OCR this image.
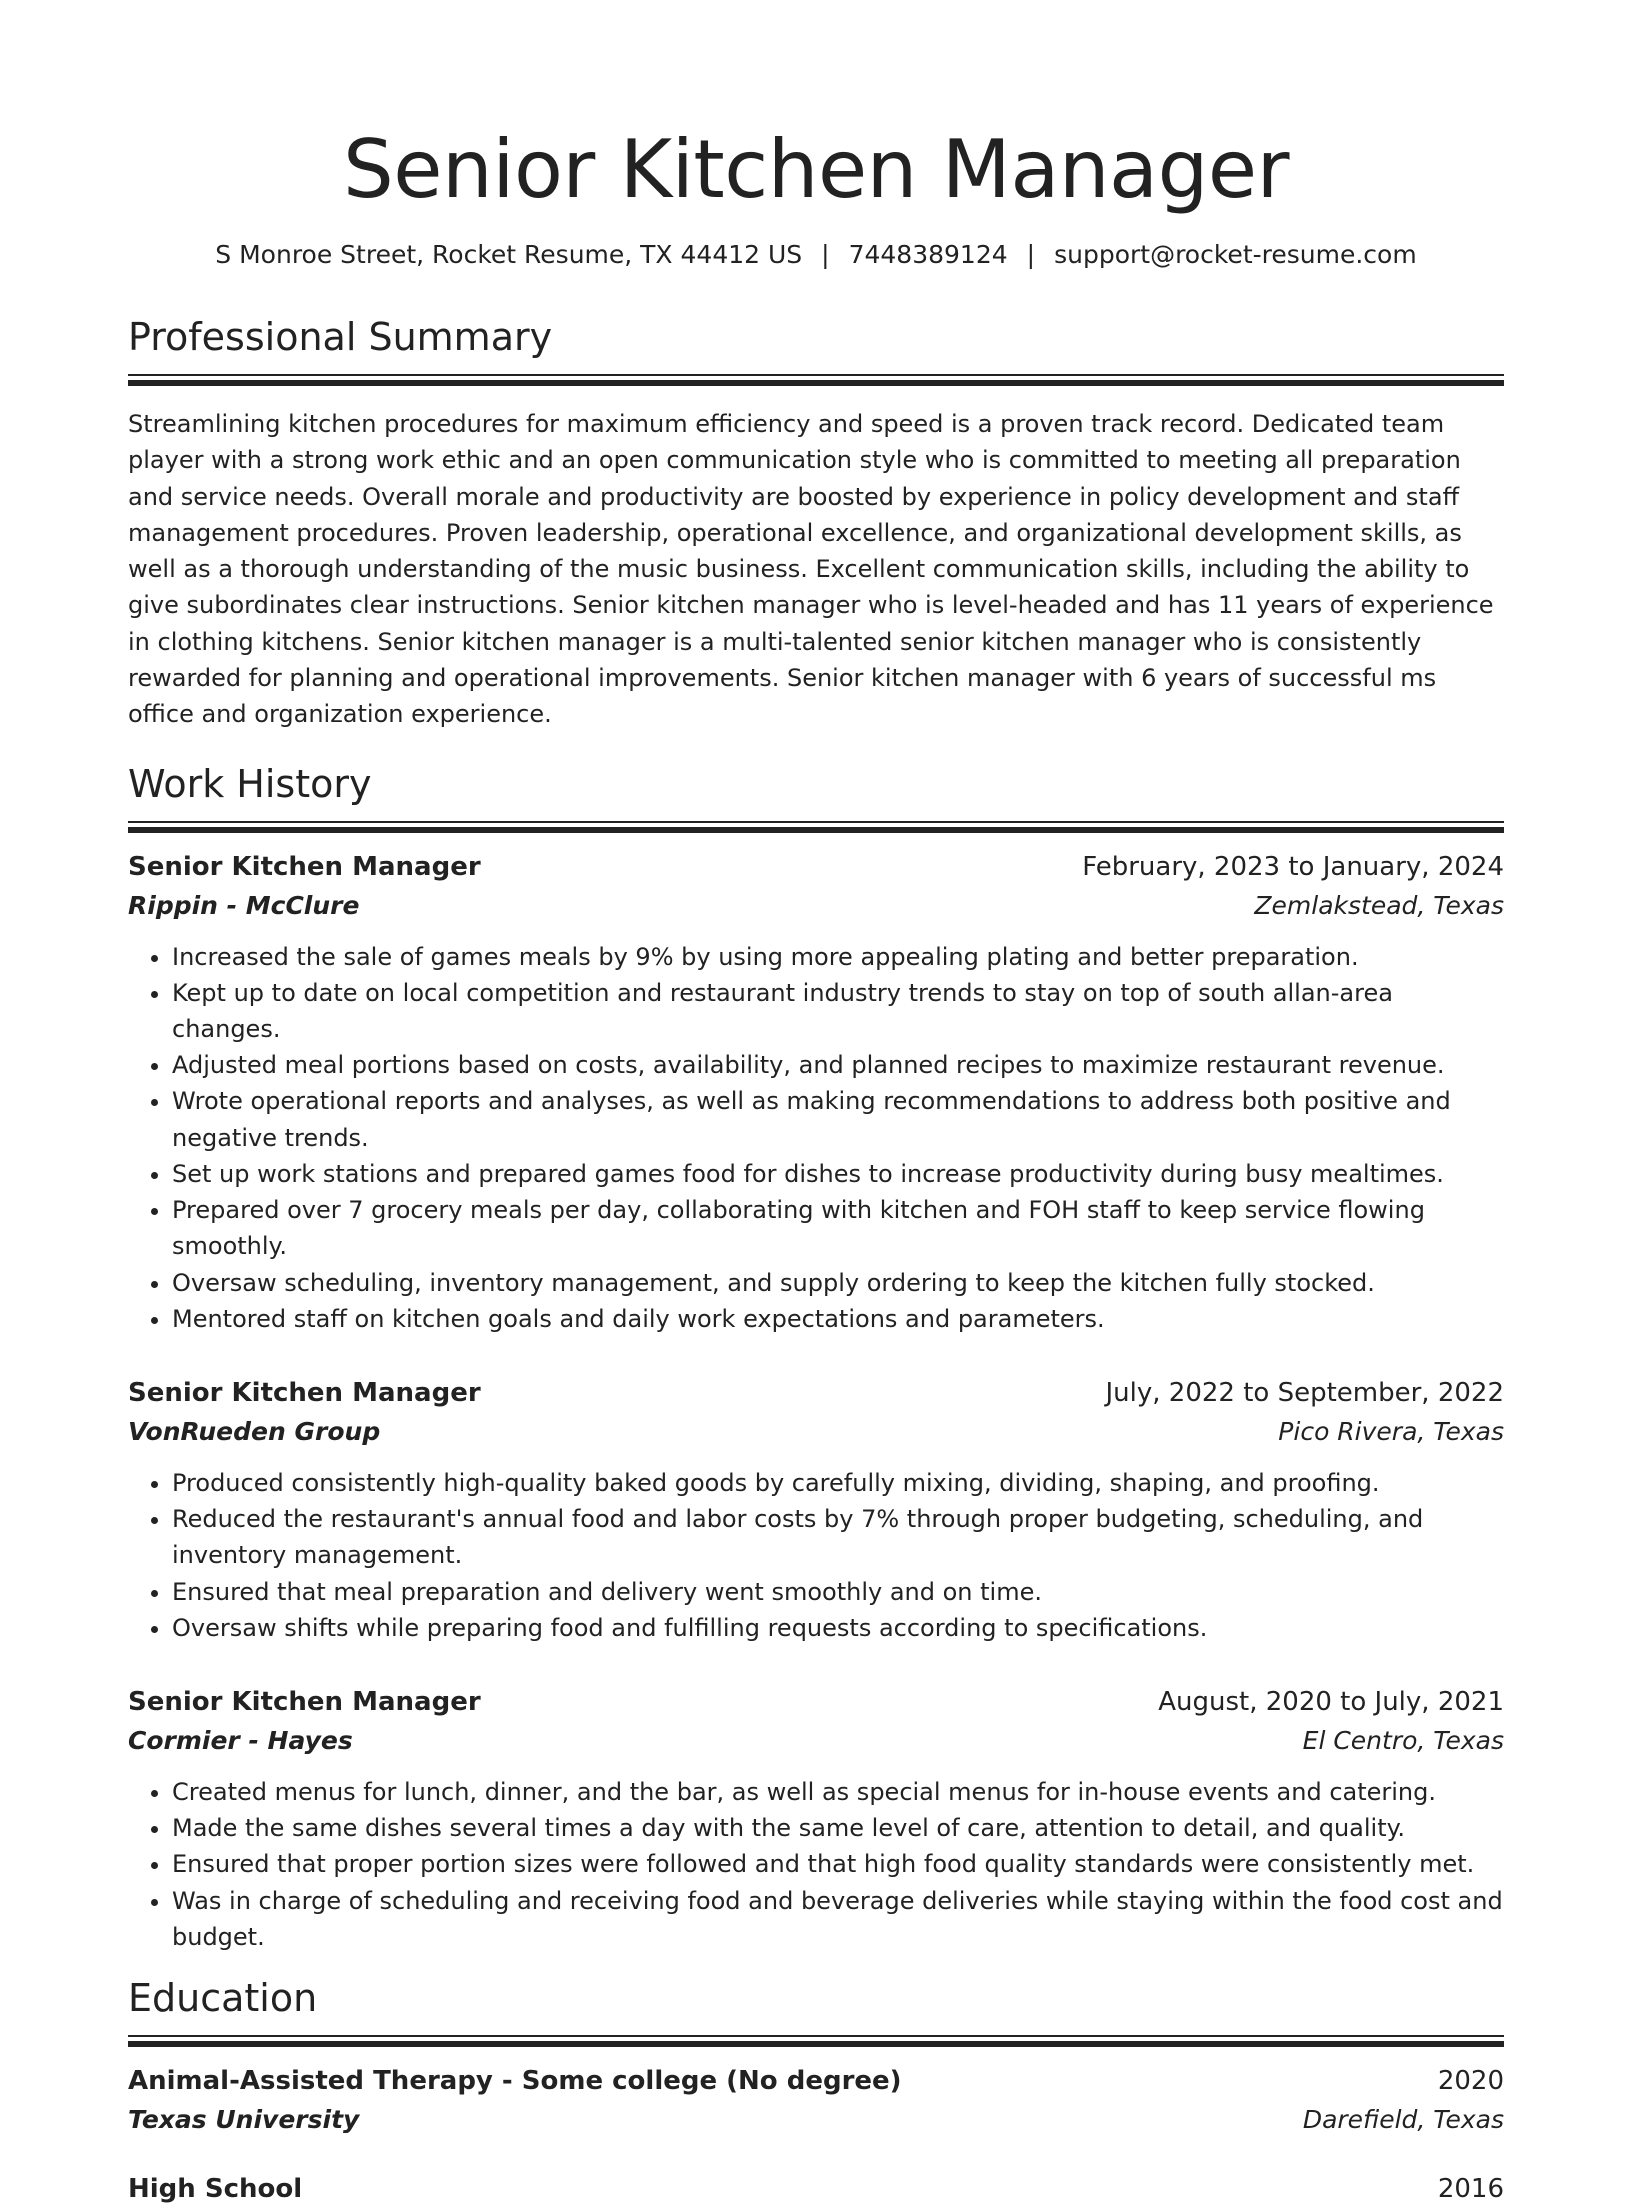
Senior Kitchen Manager
S Monroe Street, Rocket Resume, TX 44412 US | 7448389124 | support@rocket-resume.com
Professional Summary

Streamlining kitchen procedures for maximum efficiency and speed is a proven track record. Dedicated team player with a strong work ethic and an open communication style who is committed to meeting all preparation and service needs. Overall morale and productivity are boosted by experience in policy development and staff management procedures. Proven leadership, operational excellence, and organizational development skills, as well as a thorough understanding of the music business. Excellent communication skills, including the ability to give subordinates clear instructions. Senior kitchen manager who is level-headed and has 11 years of experience in clothing kitchens. Senior kitchen manager is a multi-talented senior kitchen manager who is consistently rewarded for planning and operational improvements. Senior kitchen manager with 6 years of successful ms office and organization experience.

Work History
Senior Kitchen Manager	February, 2023 to January, 2024
Rippin - McClure	Zemlakstead, Texas
• Increased the sale of games meals by 9% by using more appealing plating and better preparation.
• Kept up to date on local competition and restaurant industry trends to stay on top of south allan-area changes.
• Adjusted meal portions based on costs, availability, and planned recipes to maximize restaurant revenue.
• Wrote operational reports and analyses, as well as making recommendations to address both positive and negative trends.
• Set up work stations and prepared games food for dishes to increase productivity during busy mealtimes.
• Prepared over 7 grocery meals per day, collaborating with kitchen and FOH staff to keep service flowing smoothly.
• Oversaw scheduling, inventory management, and supply ordering to keep the kitchen fully stocked.
• Mentored staff on kitchen goals and daily work expectations and parameters.
Senior Kitchen Manager	July, 2022 to September, 2022
VonRueden Group	Pico Rivera, Texas
• Produced consistently high-quality baked goods by carefully mixing, dividing, shaping, and proofing.
• Reduced the restaurant's annual food and labor costs by 7% through proper budgeting, scheduling, and inventory management.
• Ensured that meal preparation and delivery went smoothly and on time.
• Oversaw shifts while preparing food and fulfilling requests according to specifications.
Senior Kitchen Manager	August, 2020 to July, 2021
Cormier - Hayes	El Centro, Texas
• Created menus for lunch, dinner, and the bar, as well as special menus for in-house events and catering.
• Made the same dishes several times a day with the same level of care, attention to detail, and quality.
• Ensured that proper portion sizes were followed and that high food quality standards were consistently met.
• Was in charge of scheduling and receiving food and beverage deliveries while staying within the food cost and budget.
Education
Animal-Assisted Therapy - Some college (No degree)	2020
Texas University	Darefield, Texas
High School	2016
